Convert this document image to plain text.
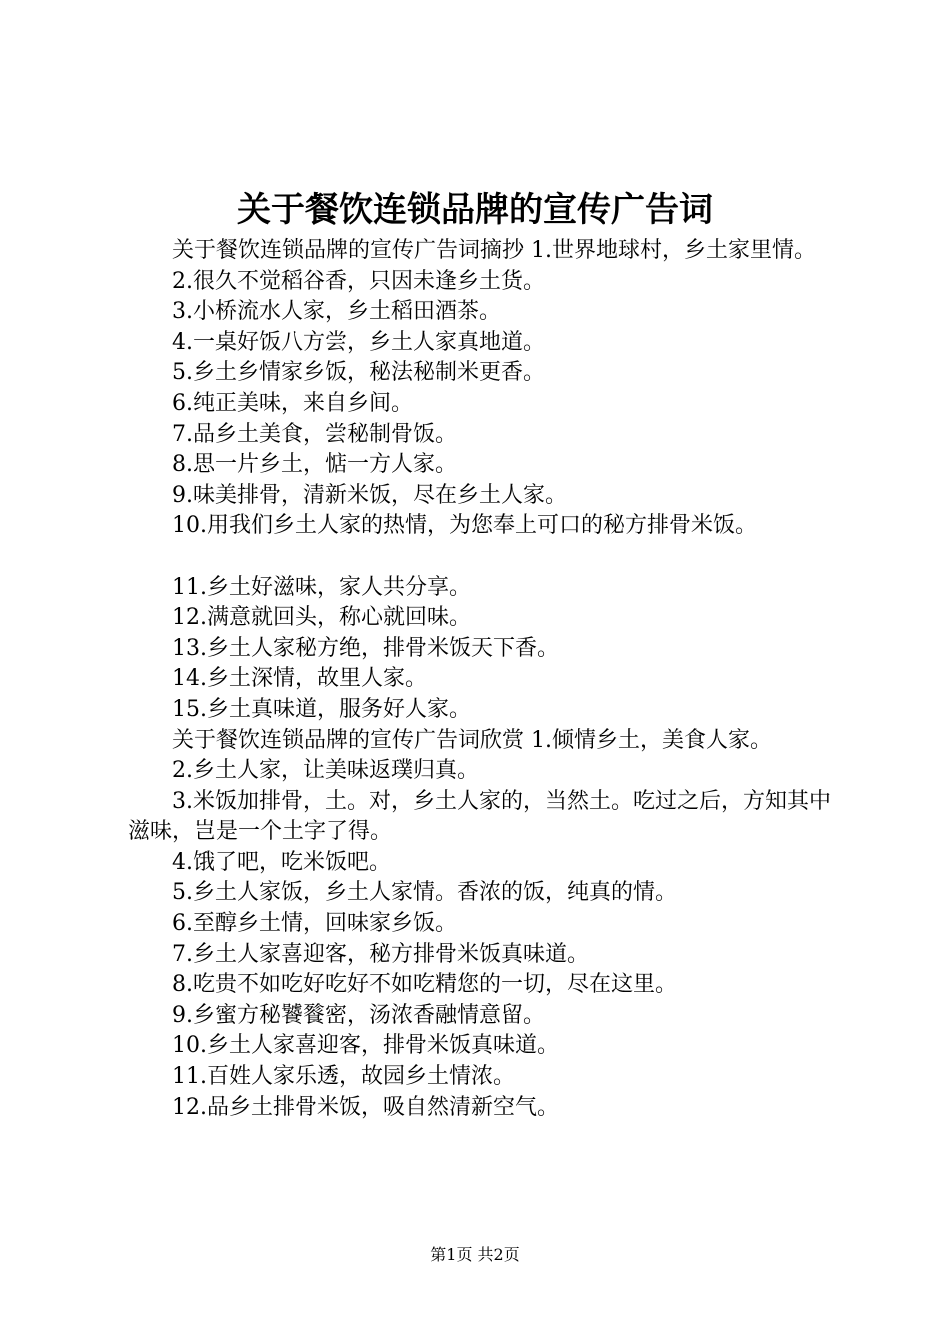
关于餐饮连锁品牌的宣传广告词

关于餐饮连锁品牌的宣传广告词摘抄 1.世界地球村，乡土家里情。

2.很久不觉稻谷香，只因未逢乡土货。

3.小桥流水人家，乡土稻田酒茶。

4.一桌好饭八方尝，乡土人家真地道。

5.乡土乡情家乡饭，秘法秘制米更香。

6.纯正美味，来自乡间。

7.品乡土美食，尝秘制骨饭。

8.思一片乡土，惦一方人家。

9.味美排骨，清新米饭，尽在乡土人家。

10.用我们乡土人家的热情，为您奉上可口的秘方排骨米饭。

11.乡土好滋味，家人共分享。

12.满意就回头，称心就回味。

13.乡土人家秘方绝，排骨米饭天下香。

14.乡土深情，故里人家。

15.乡土真味道，服务好人家。

关于餐饮连锁品牌的宣传广告词欣赏 1.倾情乡土，美食人家。

2.乡土人家，让美味返璞归真。

3.米饭加排骨，土。对，乡土人家的，当然土。吃过之后，方知其中滋味，岂是一个土字了得。

4.饿了吧，吃米饭吧。

5.乡土人家饭，乡土人家情。香浓的饭，纯真的情。

6.至醇乡土情，回味家乡饭。

7.乡土人家喜迎客，秘方排骨米饭真味道。

8.吃贵不如吃好吃好不如吃精您的一切，尽在这里。

9.乡蜜方秘饕餮密，汤浓香融情意留。

10.乡土人家喜迎客，排骨米饭真味道。

11.百姓人家乐透，故园乡土情浓。

12.品乡土排骨米饭，吸自然清新空气。

第1页 共2页
